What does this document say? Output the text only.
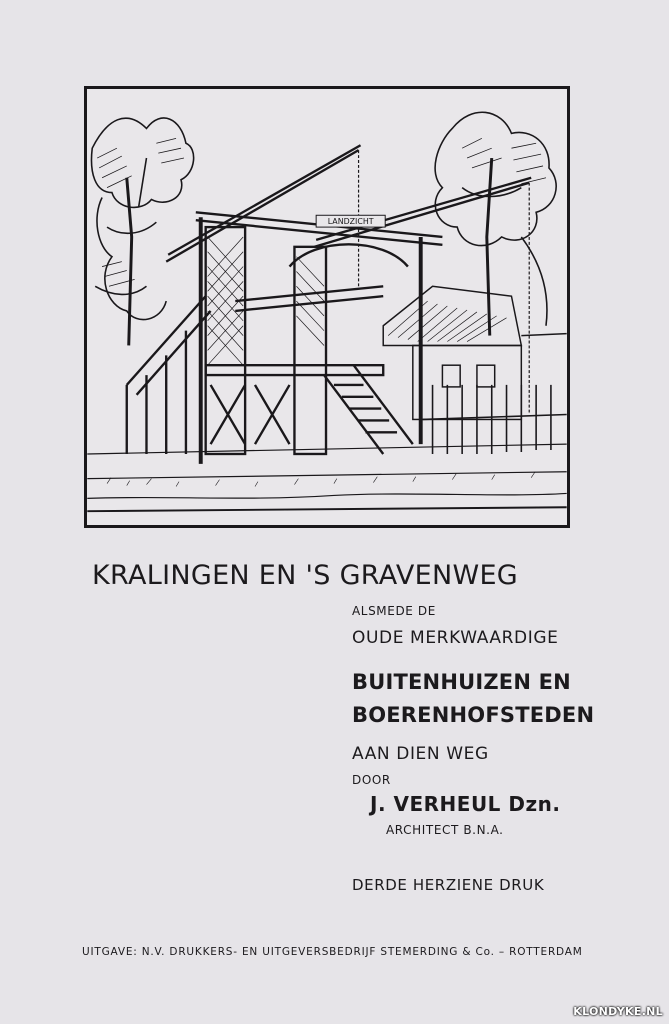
LANDZICHT
KRALINGEN EN 'S GRAVENWEG
ALSMEDE DE
OUDE MERKWAARDIGE
BUITENHUIZEN EN
BOERENHOFSTEDEN
AAN DIEN WEG
DOOR
J. VERHEUL Dzn.
ARCHITECT B.N.A.
DERDE HERZIENE DRUK
UITGAVE: N.V. DRUKKERS- EN UITGEVERSBEDRIJF STEMERDING & Co. – ROTTERDAM
KLONDYKE.NL
